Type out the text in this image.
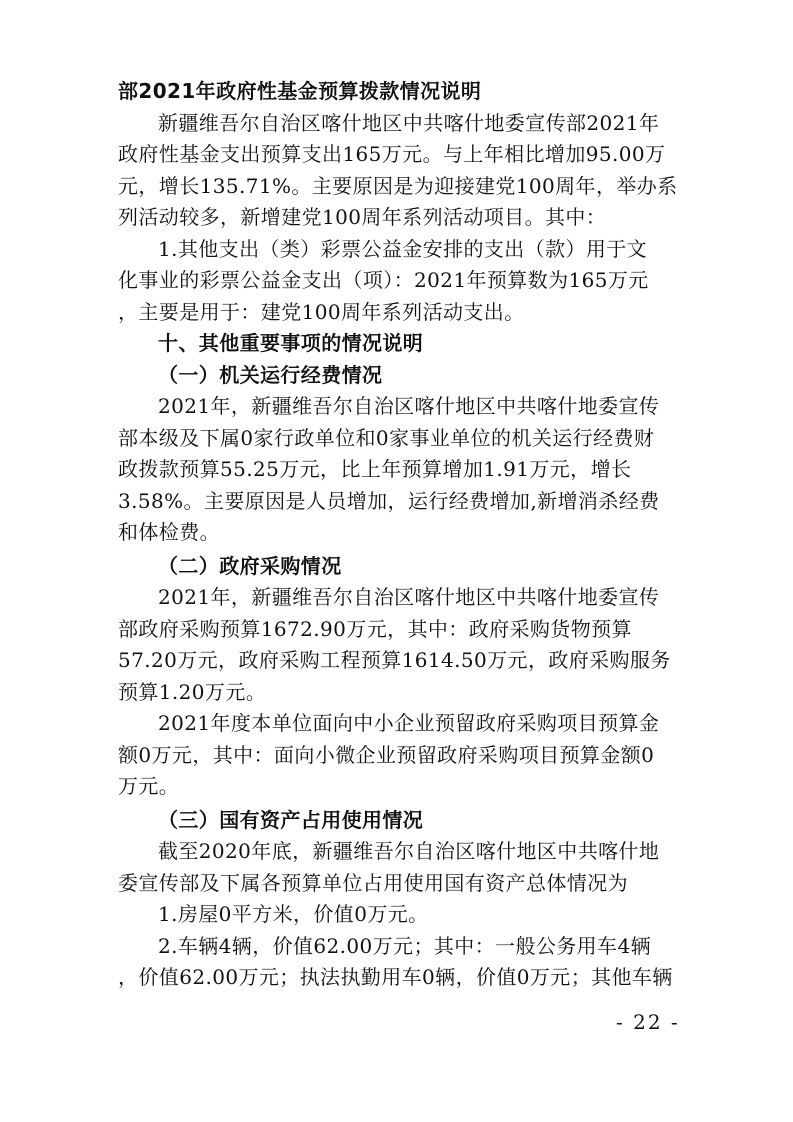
部2021年政府性基金预算拨款情况说明
新疆维吾尔自治区喀什地区中共喀什地委宣传部2021年
政府性基金支出预算支出165万元。与上年相比增加95.00万
元，增长135.71%。主要原因是为迎接建党100周年，举办系
列活动较多，新增建党100周年系列活动项目。其中：
1.其他支出（类）彩票公益金安排的支出（款）用于文
化事业的彩票公益金支出（项）：2021年预算数为165万元
，主要是用于：建党100周年系列活动支出。
十、其他重要事项的情况说明
（一）机关运行经费情况
2021年，新疆维吾尔自治区喀什地区中共喀什地委宣传
部本级及下属0家行政单位和0家事业单位的机关运行经费财
政拨款预算55.25万元，比上年预算增加1.91万元，增长
3.58%。主要原因是人员增加，运行经费增加,新增消杀经费
和体检费。
（二）政府采购情况
2021年，新疆维吾尔自治区喀什地区中共喀什地委宣传
部政府采购预算1672.90万元，其中：政府采购货物预算
57.20万元，政府采购工程预算1614.50万元，政府采购服务
预算1.20万元。
2021年度本单位面向中小企业预留政府采购项目预算金
额0万元，其中：面向小微企业预留政府采购项目预算金额0
万元。
（三）国有资产占用使用情况
截至2020年底，新疆维吾尔自治区喀什地区中共喀什地
委宣传部及下属各预算单位占用使用国有资产总体情况为
1.房屋0平方米，价值0万元。
2.车辆4辆，价值62.00万元；其中：一般公务用车4辆
，价值62.00万元；执法执勤用车0辆，价值0万元；其他车辆
- 22 -
